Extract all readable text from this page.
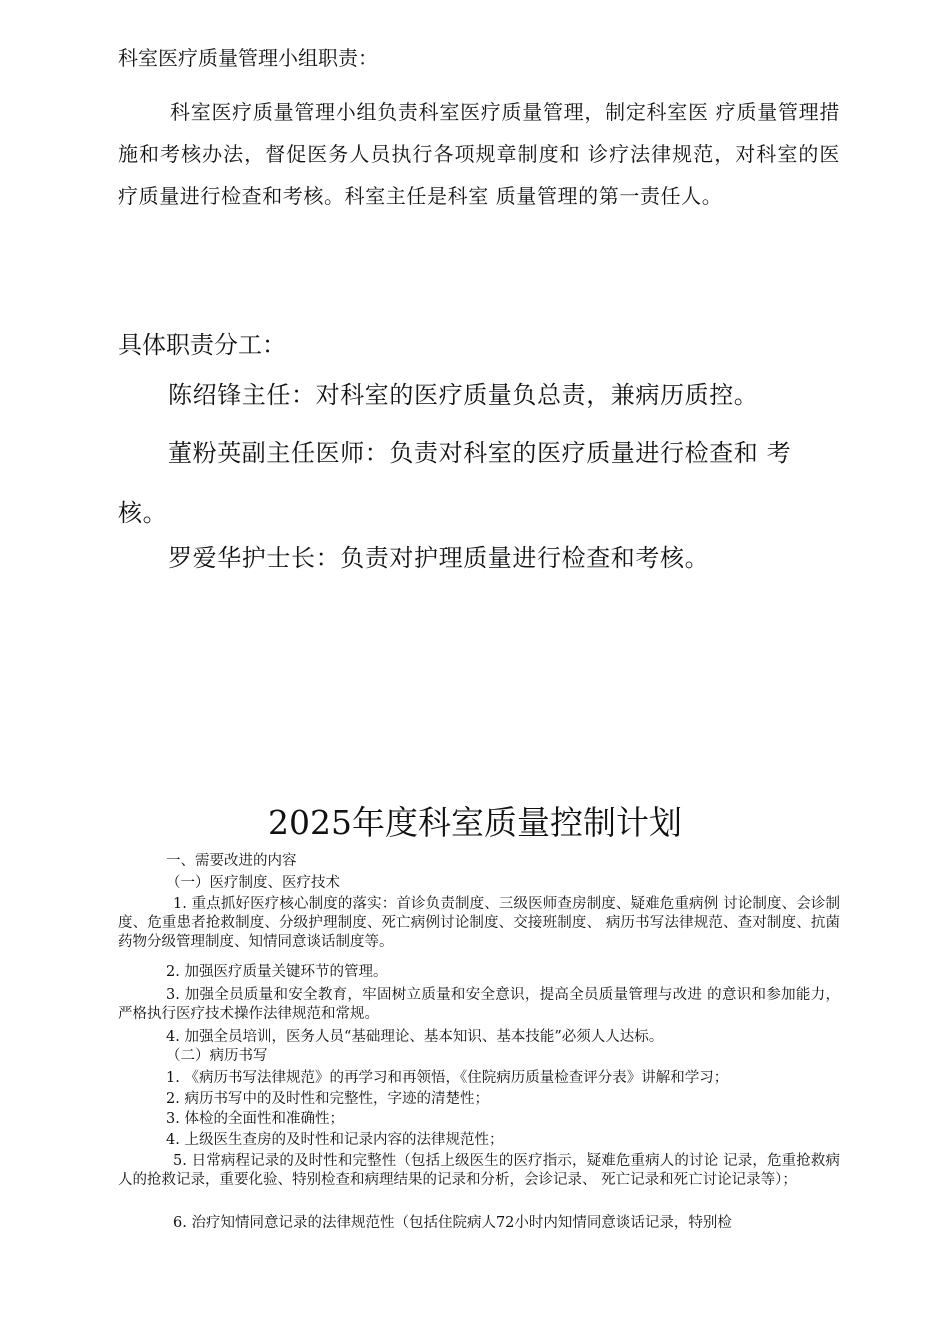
科室医疗质量管理小组职责：
科室医疗质量管理小组负责科室医疗质量管理，制定科室医 疗质量管理措施和考核办法，督促医务人员执行各项规章制度和 诊疗法律规范，对科室的医疗质量进行检查和考核。科室主任是科室 质量管理的第一责任人。
具体职责分工：
陈绍锋主任：对科室的医疗质量负总责，兼病历质控。
董粉英副主任医师：负责对科室的医疗质量进行检查和 考核。
罗爱华护士长：负责对护理质量进行检查和考核。
2025年度科室质量控制计划
一、需要改进的内容
（一）医疗制度、医疗技术
1. 重点抓好医疗核心制度的落实：首诊负责制度、三级医师查房制度、疑难危重病例 讨论制度、会诊制度、危重患者抢救制度、分级护理制度、死亡病例讨论制度、交接班制度、 病历书写法律规范、查对制度、抗菌药物分级管理制度、知情同意谈话制度等。
2. 加强医疗质量关键环节的管理。
3. 加强全员质量和安全教育，牢固树立质量和安全意识，提高全员质量管理与改进 的意识和参加能力，严格执行医疗技术操作法律规范和常规。
4. 加强全员培训，医务人员“基础理论、基本知识、基本技能”必须人人达标。
（二）病历书写
1. 《病历书写法律规范》的再学习和再领悟，《住院病历质量检查评分表》讲解和学习；
2. 病历书写中的及时性和完整性，字迹的清楚性；
3. 体检的全面性和准确性；
4. 上级医生查房的及时性和记录内容的法律规范性；
5. 日常病程记录的及时性和完整性（包括上级医生的医疗指示，疑难危重病人的讨论 记录，危重抢救病人的抢救记录，重要化验、特别检查和病理结果的记录和分析，会诊记录、 死亡记录和死亡讨论记录等）；
6. 治疗知情同意记录的法律规范性（包括住院病人72小时内知情同意谈话记录，特别检
